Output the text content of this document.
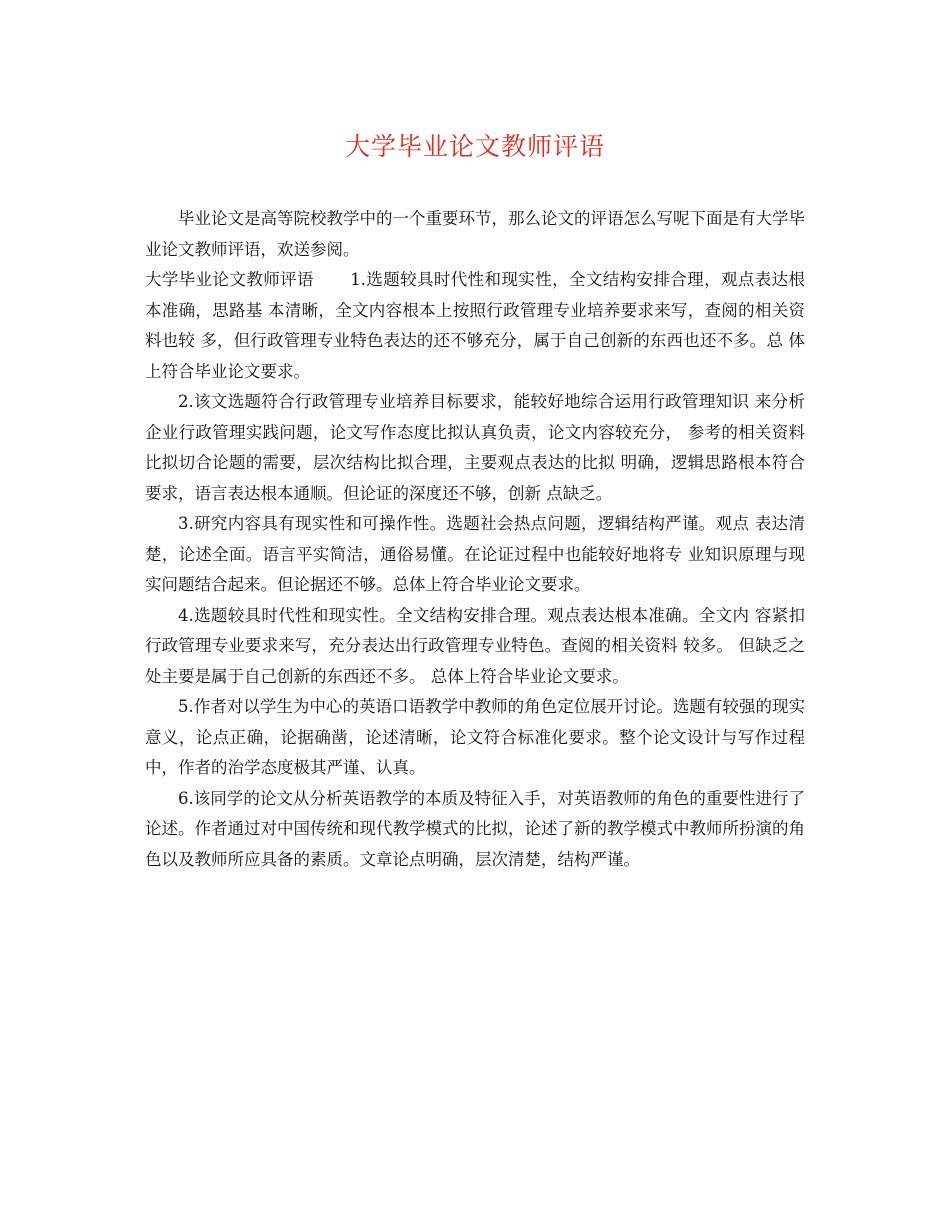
大学毕业论文教师评语

毕业论文是高等院校教学中的一个重要环节，那么论文的评语怎么写呢下面是有大学毕业论文教师评语，欢送参阅。

大学毕业论文教师评语 1.选题较具时代性和现实性，全文结构安排合理，观点表达根本准确，思路基 本清晰，全文内容根本上按照行政管理专业培养要求来写，查阅的相关资料也较 多，但行政管理专业特色表达的还不够充分，属于自己创新的东西也还不多。总 体上符合毕业论文要求。

2.该文选题符合行政管理专业培养目标要求，能较好地综合运用行政管理知识 来分析企业行政管理实践问题，论文写作态度比拟认真负责，论文内容较充分， 参考的相关资料比拟切合论题的需要，层次结构比拟合理，主要观点表达的比拟 明确，逻辑思路根本符合要求，语言表达根本通顺。但论证的深度还不够，创新 点缺乏。

3.研究内容具有现实性和可操作性。选题社会热点问题，逻辑结构严谨。观点 表达清楚，论述全面。语言平实简洁，通俗易懂。在论证过程中也能较好地将专 业知识原理与现实问题结合起来。但论据还不够。总体上符合毕业论文要求。

4.选题较具时代性和现实性。全文结构安排合理。观点表达根本准确。全文内 容紧扣行政管理专业要求来写，充分表达出行政管理专业特色。查阅的相关资料 较多。 但缺乏之处主要是属于自己创新的东西还不多。 总体上符合毕业论文要求。

5.作者对以学生为中心的英语口语教学中教师的角色定位展开讨论。选题有较强的现实意义，论点正确，论据确凿，论述清晰，论文符合标准化要求。整个论文设计与写作过程中，作者的治学态度极其严谨、认真。

6.该同学的论文从分析英语教学的本质及特征入手，对英语教师的角色的重要性进行了论述。作者通过对中国传统和现代教学模式的比拟，论述了新的教学模式中教师所扮演的角色以及教师所应具备的素质。文章论点明确，层次清楚，结构严谨。
